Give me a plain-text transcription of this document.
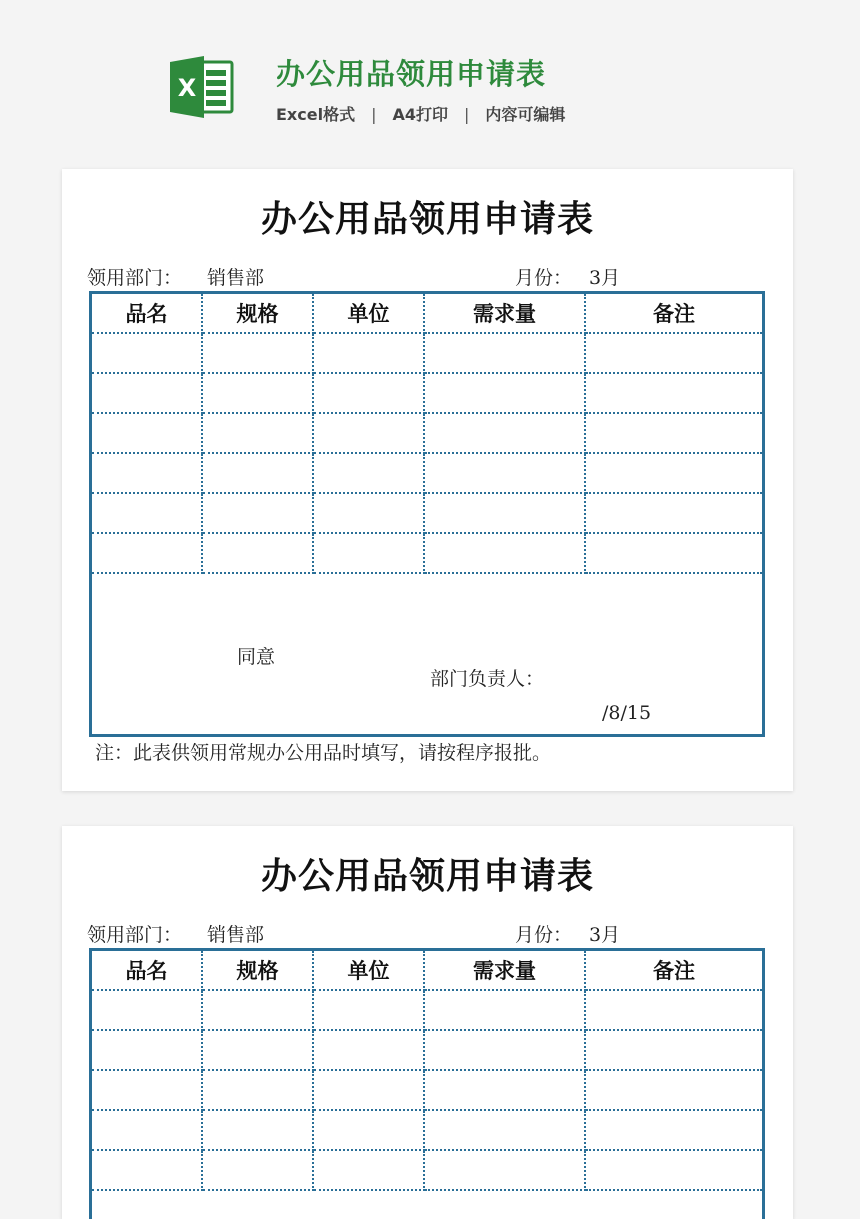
X	办公用品领用申请表
Excel格式 | A4打印 | 内容可编辑
办公用品领用申请表
领用部门： 销售部	月份： 3月
品名	规格	单位	需求量	备注
同意
部门负责人：
/8/15
注：此表供领用常规办公用品时填写，请按程序报批。
办公用品领用申请表
领用部门： 销售部	月份： 3月
品名	规格	单位	需求量	备注
